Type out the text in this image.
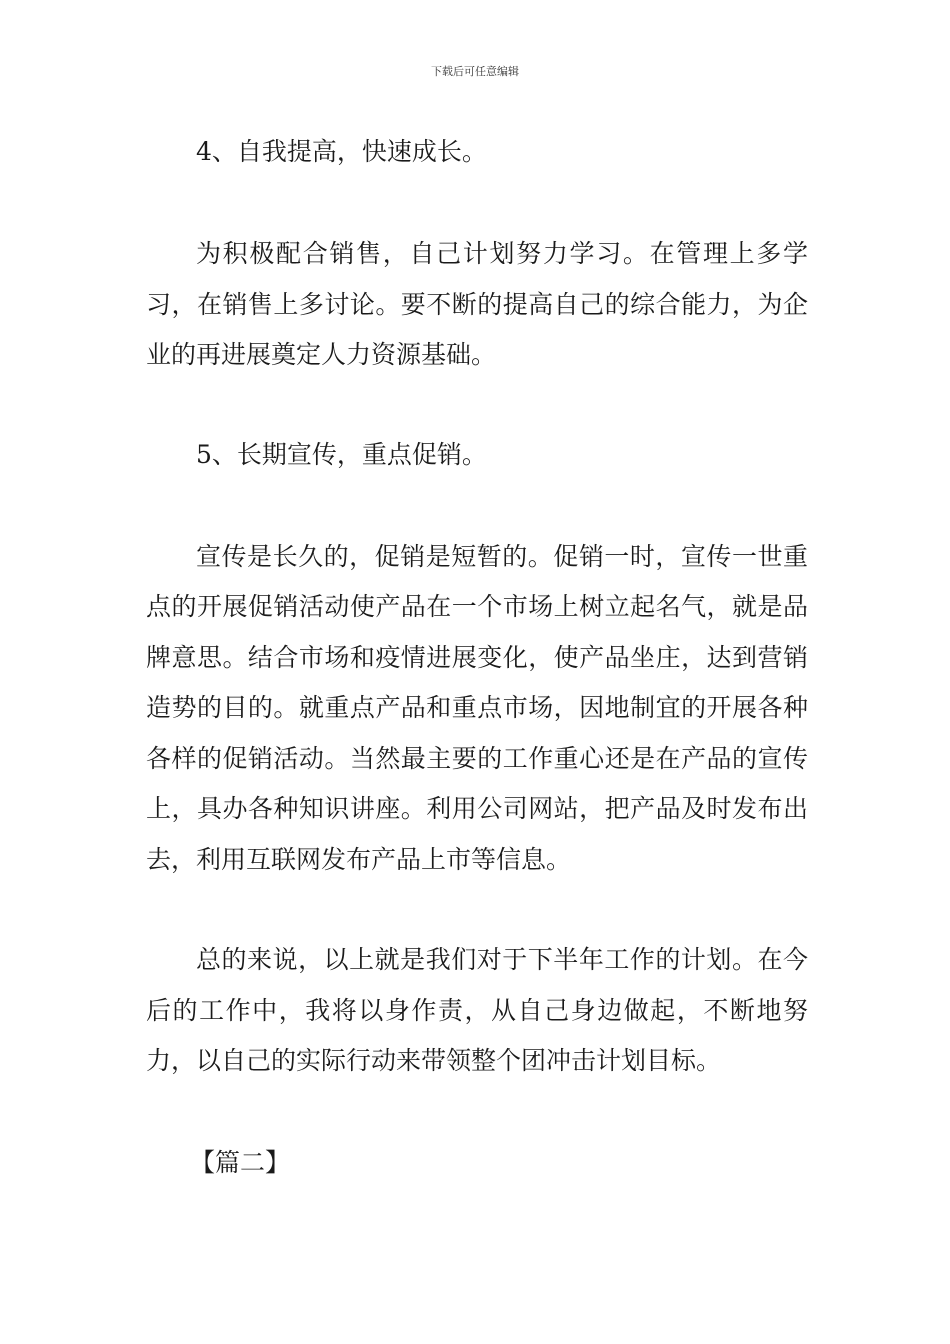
下载后可任意编辑
4、自我提高，快速成长。

为积极配合销售，自己计划努力学习。在管理上多学习，在销售上多讨论。要不断的提高自己的综合能力，为企业的再进展奠定人力资源基础。

5、长期宣传，重点促销。

宣传是长久的，促销是短暂的。促销一时，宣传一世重点的开展促销活动使产品在一个市场上树立起名气，就是品牌意思。结合市场和疫情进展变化，使产品坐庄，达到营销造势的目的。就重点产品和重点市场，因地制宜的开展各种各样的促销活动。当然最主要的工作重心还是在产品的宣传上，具办各种知识讲座。利用公司网站，把产品及时发布出去，利用互联网发布产品上市等信息。

总的来说，以上就是我们对于下半年工作的计划。在今后的工作中，我将以身作责，从自己身边做起，不断地努力，以自己的实际行动来带领整个团冲击计划目标。

【篇二】
